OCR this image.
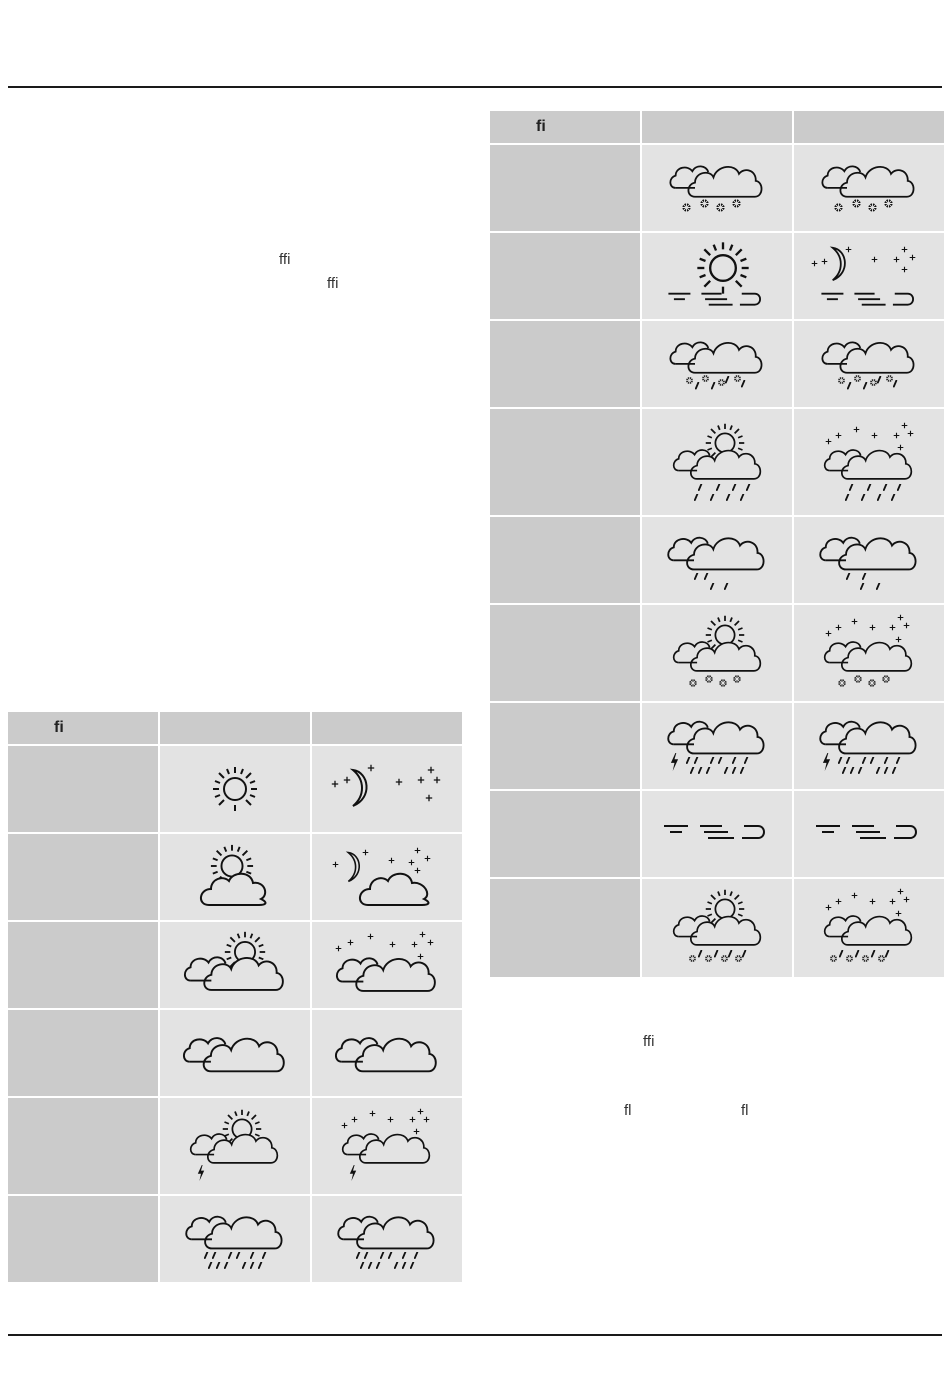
ffi
ffi
ffi
fl	fl
fi		

fi		
